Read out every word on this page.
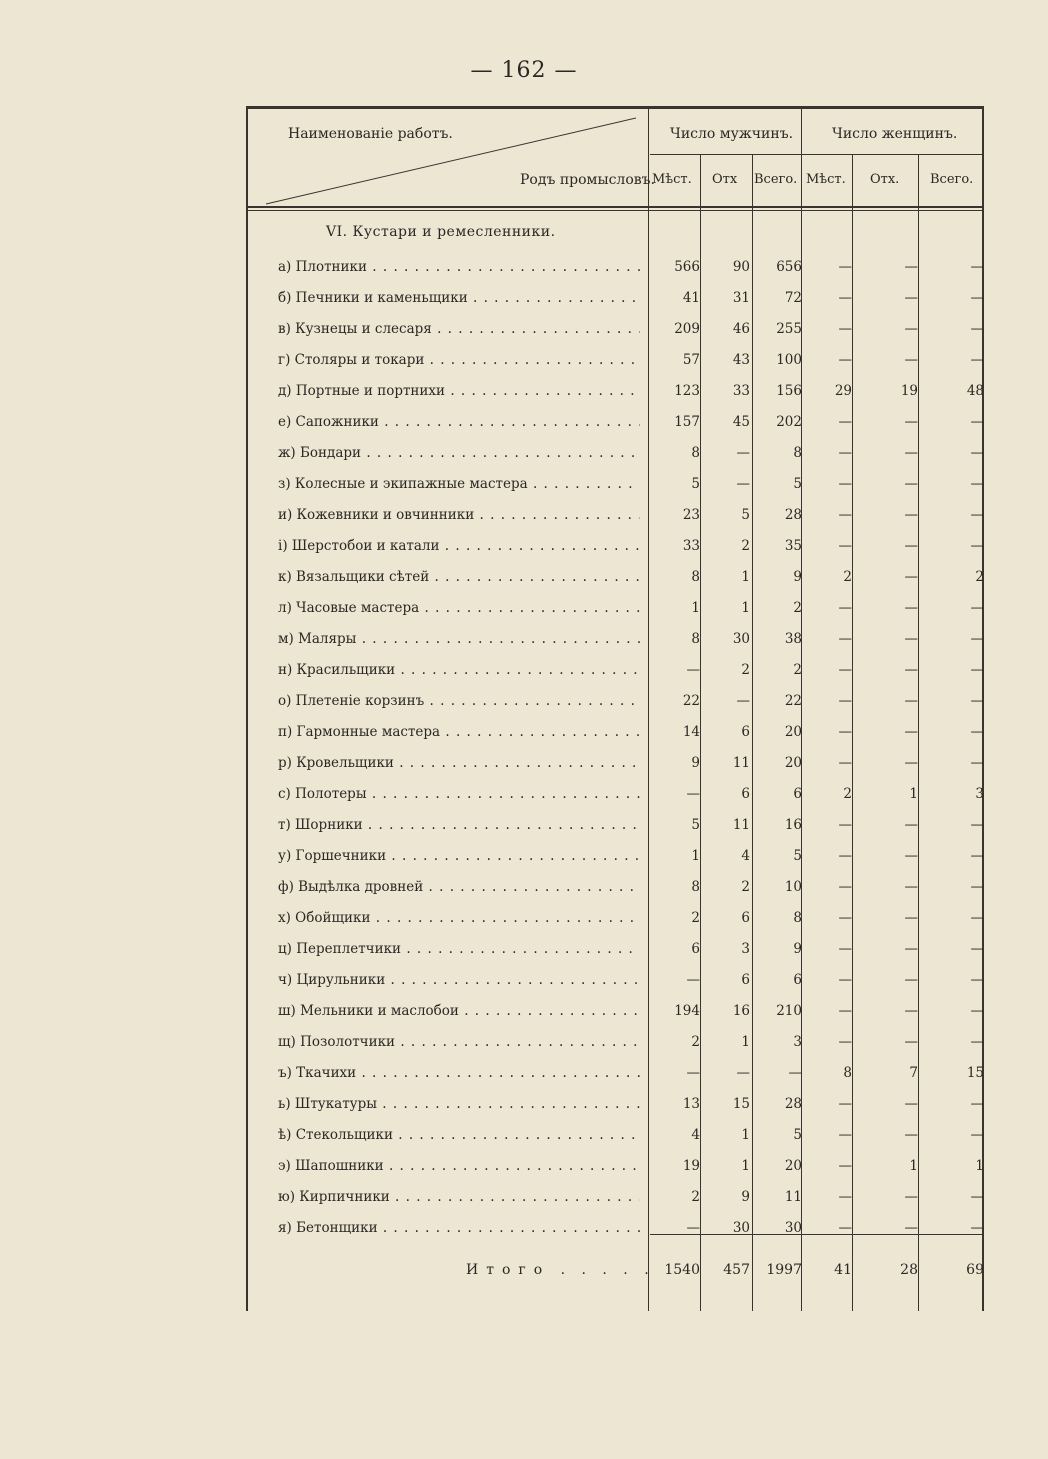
— 162 —
Наименованіе работъ.
Родъ промысловъ.
Число мужчинъ.	Число женщинъ.
Мѣст. Отх Всего. Мѣст. Отх. Всего.
VI. Кустари и ремесленники.
а) Плотники . . .	566	90	656	—	—	—
б) Печники и каменьщики . . .	41	31	72	—	—	—
в) Кузнецы и слесаря . . .	209	46	255	—	—	—
г) Столяры и токари . . .	57	43	100	—	—	—
д) Портные и портнихи . . .	123	33	156	29	19	48
е) Сапожники . . .	157	45	202	—	—	—
ж) Бондари . . .	8	—	8	—	—	—
з) Колесные и экипажные мастера . . .	5	—	5	—	—	—
и) Кожевники и овчинники . . .	23	5	28	—	—	—
і) Шерстобои и катали . . .	33	2	35	—	—	—
к) Вязальщики сѣтей . . .	8	1	9	2	—	2
л) Часовые мастера . . .	1	1	2	—	—	—
м) Маляры . . .	8	30	38	—	—	—
н) Красильщики . . .	—	2	2	—	—	—
о) Плетеніе корзинъ . . .	22	—	22	—	—	—
п) Гармонные мастера . . .	14	6	20	—	—	—
р) Кровельщики . . .	9	11	20	—	—	—
с) Полотеры . . .	—	6	6	2	1	3
т) Шорники . . .	5	11	16	—	—	—
у) Горшечники . . .	1	4	5	—	—	—
ф) Выдѣлка дровней . . .	8	2	10	—	—	—
х) Обойщики . . .	2	6	8	—	—	—
ц) Переплетчики . . .	6	3	9	—	—	—
ч) Цирульники . . .	—	6	6	—	—	—
ш) Мельники и маслобои . . .	194	16	210	—	—	—
щ) Позолотчики . . .	2	1	3	—	—	—
ъ) Ткачихи . . .	—	—	—	8	7	15
ь) Штукатуры . . .	13	15	28	—	—	—
ѣ) Стекольщики . . .	4	1	5	—	—	—
э) Шапошники . . .	19	1	20	—	1	1
ю) Кирпичники . . .	2	9	11	—	—	—
я) Бетонщики . . .	—	30	30	—	—	—
Итого . . .	1540	457	1997	41	28	69
